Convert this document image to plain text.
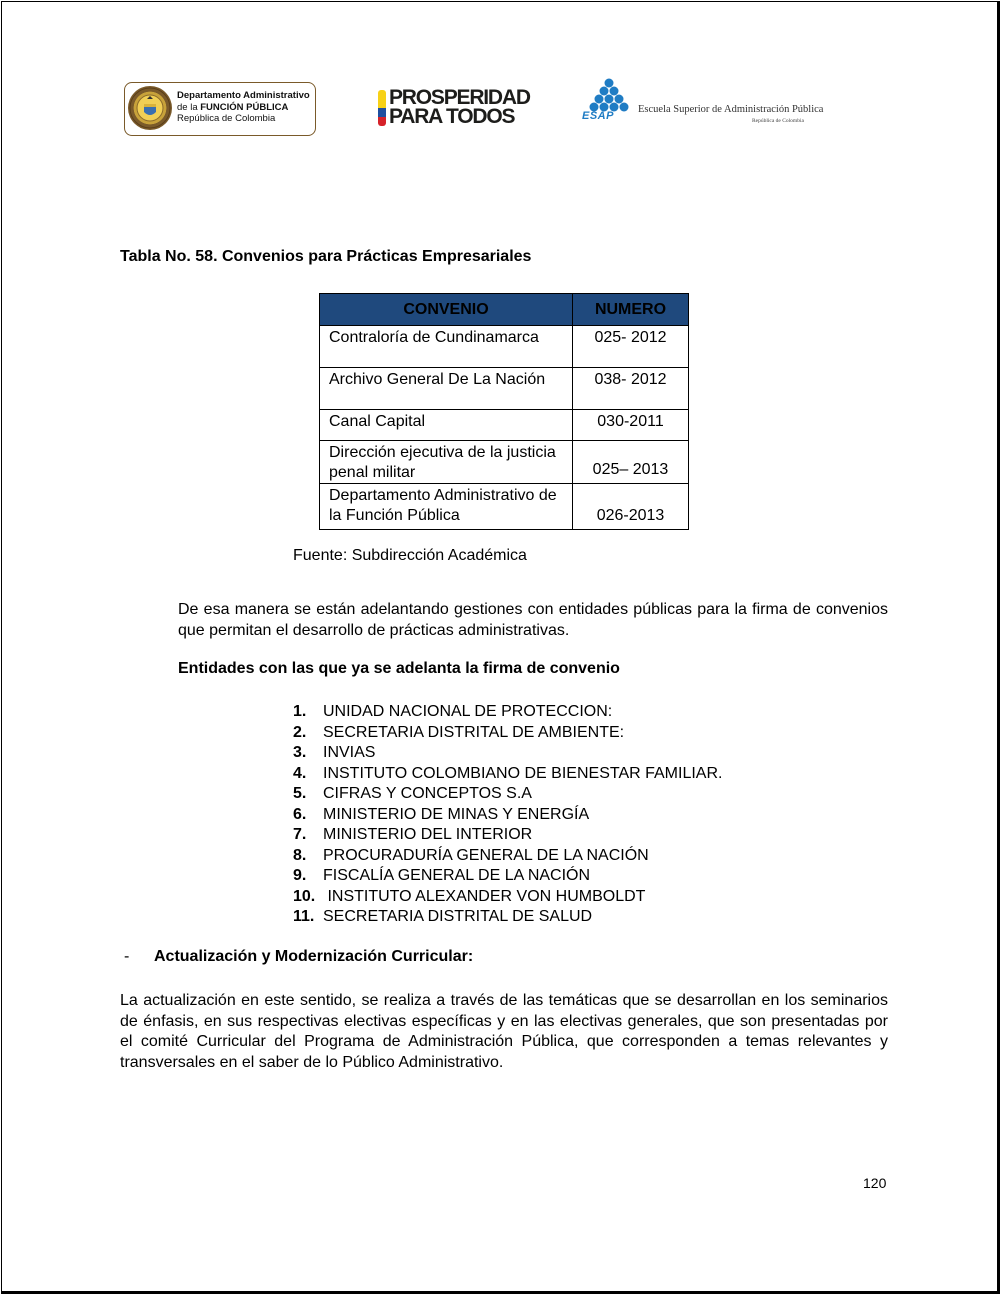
Departamento Administrativo
de la FUNCIÓN PÚBLICA
República de Colombia
PROSPERIDAD
PARA TODOS	ESAP
Escuela Superior de Administración Pública
República de Colombia
Tabla No. 58. Convenios para Prácticas Empresariales
CONVENIO	NUMERO
Contraloría de Cundinamarca	025- 2012
Archivo General De La Nación	038- 2012
Canal Capital	030-2011
Dirección ejecutiva de la justicia penal militar	025– 2013
Departamento Administrativo de la Función Pública	026-2013
Fuente: Subdirección Académica
De esa manera se están adelantando gestiones con entidades públicas para la firma de convenios que permitan el desarrollo de prácticas administrativas.
Entidades con las que ya se adelanta la firma de convenio
1. UNIDAD NACIONAL DE PROTECCION:
2. SECRETARIA DISTRITAL DE AMBIENTE:
3. INVIAS
4. INSTITUTO COLOMBIANO DE BIENESTAR FAMILIAR.
5. CIFRAS Y CONCEPTOS S.A
6. MINISTERIO DE MINAS Y ENERGÍA
7. MINISTERIO DEL INTERIOR
8. PROCURADURÍA GENERAL DE LA NACIÓN
9. FISCALÍA GENERAL DE LA NACIÓN
10. INSTITUTO ALEXANDER VON HUMBOLDT
11. SECRETARIA DISTRITAL DE SALUD
- Actualización y Modernización Curricular:
La actualización en este sentido, se realiza a través de las temáticas que se desarrollan en los seminarios de énfasis, en sus respectivas electivas específicas y en las electivas generales, que son presentadas por el comité Curricular del Programa de Administración Pública, que corresponden a temas relevantes y transversales en el saber de lo Público Administrativo.
120
